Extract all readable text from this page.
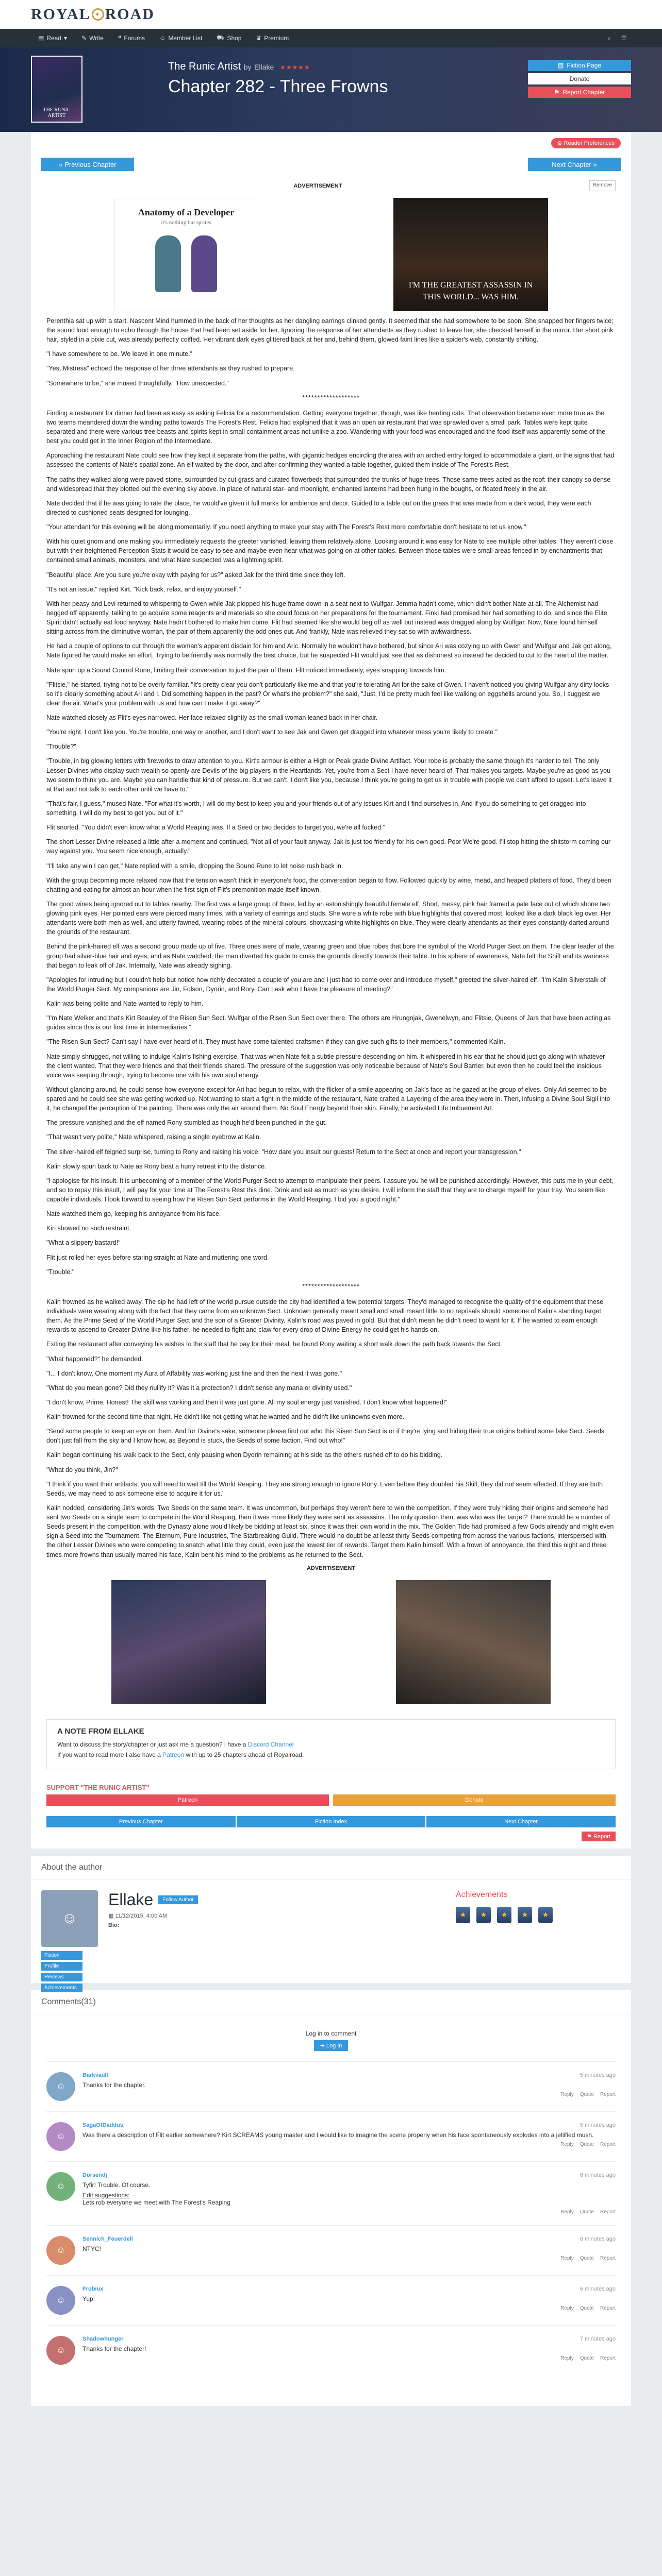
ROYAL ✦ ROAD
▤ Read ▾ ✎ Write ❝ Forums ☺ Member List ⛟ Shop ♛ Premium	⌕	☰
THE RUNIC ARTIST
The Runic Artist by Ellake ★★★★★
Chapter 282 - Three Frowns
▤ Fiction Page
Donate
⚑ Report Chapter
⚙ Reader Preferences
« Previous Chapter	Next Chapter »
Remove
ADVERTISEMENT
Anatomy of a Developer
it's nothing but sprites
I'M THE GREATEST ASSASSIN IN THIS WORLD... WAS HIM.

Perenthia sat up with a start. Nascent Mind hummed in the back of her thoughts as her dangling earrings clinked gently. It seemed that she had somewhere to be soon. She snapped her fingers twice; the sound loud enough to echo through the house that had been set aside for her. Ignoring the response of her attendants as they rushed to leave her, she checked herself in the mirror. Her short pink hair, styled in a pixie cut, was already perfectly coiffed. Her vibrant dark eyes glittered back at her and, behind them, glowed faint lines like a spider's web, constantly shifting.

"I have somewhere to be. We leave in one minute."

"Yes, Mistress" echoed the response of her three attendants as they rushed to prepare.

"Somewhere to be," she mused thoughtfully. "How unexpected."

*******************

Finding a restaurant for dinner had been as easy as asking Felicia for a recommendation. Getting everyone together, though, was like herding cats. That observation became even more true as the two teams meandered down the winding paths towards The Forest's Rest. Felicia had explained that it was an open air restaurant that was sprawled over a small park. Tables were kept quite separated and there were various tree beasts and spirits kept in small containment areas not unlike a zoo. Wandering with your food was encouraged and the food itself was apparently some of the best you could get in the Inner Region of the Intermediate.

Approaching the restaurant Nate could see how they kept it separate from the paths, with gigantic hedges encircling the area with an arched entry forged to accommodate a giant, or the signs that had assessed the contents of Nate's spatial zone. An elf waited by the door, and after confirming they wanted a table together, guided them inside of The Forest's Rest.

The paths they walked along were paved stone, surrounded by cut grass and curated flowerbeds that surrounded the trunks of huge trees. Those same trees acted as the roof: their canopy so dense and widespread that they blotted out the evening sky above. In place of natural star- and moonlight, enchanted lanterns had been hung in the boughs, or floated freely in the air.

Nate decided that if he was going to rate the place, he would've given it full marks for ambience and decor. Guided to a table out on the grass that was made from a dark wood, they were each directed to cushioned seats designed for lounging.

"Your attendant for this evening will be along momentarily. If you need anything to make your stay with The Forest's Rest more comfortable don't hesitate to let us know."

With his quiet gnom and one making you immediately requests the greeter vanished, leaving them relatively alone. Looking around it was easy for Nate to see multiple other tables. They weren't close but with their heightened Perception Stats it would be easy to see and maybe even hear what was going on at other tables. Between those tables were small areas fenced in by enchantments that contained small animals, monsters, and what Nate suspected was a lightning spirit.

"Beautiful place. Are you sure you're okay with paying for us?" asked Jak for the third time since they left.

"It's not an issue," replied Kirt. "Kick back, relax, and enjoy yourself."

With her peasy and Levi returned to whispering to Gwen while Jak plopped his huge frame down in a seat next to Wulfgar. Jemma hadn't come, which didn't bother Nate at all. The Alchemist had begged off apparently, talking to go acquire some reagents and materials so she could focus on her preparations for the tournament. Finki had promised her had something to do, and since the Elite Spirit didn't actually eat food anyway, Nate hadn't bothered to make him come. Flit had seemed like she would beg off as well but instead was dragged along by Wulfgar. Now, Nate found himself sitting across from the diminutive woman, the pair of them apparently the odd ones out. And frankly, Nate was relieved they sat so with awkwardness.

He had a couple of options to cut through the woman's apparent disdain for him and Aric. Normally he wouldn't have bothered, but since Ari was cozying up with Gwen and Wulfgar and Jak got along, Nate figured he would make an effort. Trying to be friendly was normally the best choice, but he suspected Flit would just see that as dishonest so instead he decided to cut to the heart of the matter.

Nate spun up a Sound Control Rune, limiting their conversation to just the pair of them. Flit noticed immediately, eyes snapping towards him.

"Flitsie," he started, trying not to be overly familiar. "It's pretty clear you don't particularly like me and that you're tolerating Ari for the sake of Gwen. I haven't noticed you giving Wulfgar any dirty looks so it's clearly something about Ari and I. Did something happen in the past? Or what's the problem?" she said, "Just, I'd be pretty much feel like walking on eggshells around you. So, I suggest we clear the air. What's your problem with us and how can I make it go away?"

Nate watched closely as Flit's eyes narrowed. Her face relaxed slightly as the small woman leaned back in her chair.

"You're right. I don't like you. You're trouble, one way or another, and I don't want to see Jak and Gwen get dragged into whatever mess you're likely to create."

"Trouble?"

"Trouble, in big glowing letters with fireworks to draw attention to you. Kirt's armour is either a High or Peak grade Divine Artifact. Your robe is probably the same though it's harder to tell. The only Lesser Divines who display such wealth so openly are Devils of the big players in the Heartlands. Yet, you're from a Sect I have never heard of. That makes you targets. Maybe you're as good as you two seem to think you are. Maybe you can handle that kind of pressure. But we can't. I don't like you, because I think you're going to get us in trouble with people we can't afford to upset. Let's leave it at that and not talk to each other until we have to."

"That's fair, I guess," mused Nate. "For what it's worth, I will do my best to keep you and your friends out of any issues Kirt and I find ourselves in. And if you do something to get dragged into something, I will do my best to get you out of it."

Flit snorted. "You didn't even know what a World Reaping was. If a Seed or two decides to target you, we're all fucked."

The short Lesser Divine released a little after a moment and continued, "Not all of your fault anyway. Jak is just too friendly for his own good. Poor We're good. I'll stop hitting the shitstorm coming our way against you. You seem nice enough, actually."

"I'll take any win I can get," Nate replied with a smile, dropping the Sound Rune to let noise rush back in.

With the group becoming more relaxed now that the tension wasn't thick in everyone's food, the conversation began to flow. Followed quickly by wine, mead, and heaped platters of food. They'd been chatting and eating for almost an hour when the first sign of Flit's premonition made itself known.

The good wines being ignored out to tables nearby. The first was a large group of three, led by an astonishingly beautiful female elf. Short, messy, pink hair framed a pale face out of which shone two glowing pink eyes. Her pointed ears were pierced many times, with a variety of earrings and studs. She wore a white robe with blue highlights that covered most, looked like a dark black leg over. Her attendants were both men as well, and utterly fawned, wearing robes of the mineral colours, showcasing white highlights on blue. They were clearly attendants as their eyes constantly darted around the grounds of the restaurant.

Behind the pink-haired elf was a second group made up of five. Three ones were of male, wearing green and blue robes that bore the symbol of the World Purger Sect on them. The clear leader of the group had silver-blue hair and eyes, and as Nate watched, the man diverted his guide to cross the grounds directly towards their table. In his sphere of awareness, Nate felt the Shift and its wariness that began to leak off of Jak. Internally, Nate was already sighing.

"Apologies for intruding but I couldn't help but notice how richly decorated a couple of you are and I just had to come over and introduce myself," greeted the silver-haired elf. "I'm Kalin Silverstalk of the World Purger Sect. My companions are Jin, Folson, Dyorin, and Rory. Can I ask who I have the pleasure of meeting?"

Kalin was being polite and Nate wanted to reply to him.

"I'm Nate Welker and that's Kirt Beauley of the Risen Sun Sect. Wulfgar of the Risen Sun Sect over there. The others are Hrungnjak, Gwenelwyn, and Flitsie, Queens of Jars that have been acting as guides since this is our first time in Intermediaries."

"The Risen Sun Sect? Can't say I have ever heard of it. They must have some talented craftsmen if they can give such gifts to their members," commented Kalin.

Nate simply shrugged, not willing to indulge Kalin's fishing exercise. That was when Nate felt a subtle pressure descending on him. It whispered in his ear that he should just go along with whatever the client wanted. That they were friends and that their friends shared. The pressure of the suggestion was only noticeable because of Nate's Soul Barrier, but even then he could feel the insidious voice was seeping through, trying to become one with his own soul energy.

Without glancing around, he could sense how everyone except for Ari had begun to relax, with the flicker of a smile appearing on Jak's face as he gazed at the group of elves. Only Ari seemed to be spared and he could see she was getting worked up. Not wanting to start a fight in the middle of the restaurant, Nate crafted a Layering of the area they were in. Then, infusing a Divine Soul Sigil into it, he changed the perception of the painting. There was only the air around them. No Soul Energy beyond their skin. Finally, he activated Life Imbuement Art.

The pressure vanished and the elf named Rony stumbled as though he'd been punched in the gut.

"That wasn't very polite," Nate whispered, raising a single eyebrow at Kalin.

The silver-haired elf feigned surprise, turning to Rony and raising his voice. "How dare you insult our guests! Return to the Sect at once and report your transgression."

Kalin slowly spun back to Nate as Rony beat a hurry retreat into the distance.

"I apologise for his insult. It is unbecoming of a member of the World Purger Sect to attempt to manipulate their peers. I assure you he will be punished accordingly. However, this puts me in your debt, and so to repay this insult, I will pay for your time at The Forest's Rest this dine. Drink and eat as much as you desire. I will inform the staff that they are to charge myself for your tray. You seem like capable individuals. I look forward to seeing how the Risen Sun Sect performs in the World Reaping. I bid you a good night."

Nate watched them go, keeping his annoyance from his face.

Kiri showed no such restraint.

"What a slippery bastard!"

Flit just rolled her eyes before staring straight at Nate and muttering one word.

"Trouble."

*******************

Kalin frowned as he walked away. The sip he had left of the world pursue outside the city had identified a few potential targets. They'd managed to recognise the quality of the equipment that these individuals were wearing along with the fact that they came from an unknown Sect. Unknown generally meant small and small meant little to no reprisals should someone of Kalin's standing target them. As the Prime Seed of the World Purger Sect and the son of a Greater Divinity, Kalin's road was paved in gold. But that didn't mean he didn't need to want for it. If he wanted to earn enough rewards to ascend to Greater Divine like his father, he needed to fight and claw for every drop of Divine Energy he could get his hands on.

Exiting the restaurant after conveying his wishes to the staff that he pay for their meal, he found Rony waiting a short walk down the path back towards the Sect.

"What happened?" he demanded.

"I... I don't know, One moment my Aura of Affability was working just fine and then the next it was gone."

"What do you mean gone? Did they nullify it? Was it a protection? I didn't sense any mana or divinity used."

"I don't know, Prime. Honest! The skill was working and then it was just gone. All my soul energy just vanished. I don't know what happened!"

Kalin frowned for the second time that night. He didn't like not getting what he wanted and he didn't like unknowns even more.

"Send some people to keep an eye on them. And for Divine's sake, someone please find out who this Risen Sun Sect is or if they're lying and hiding their true origins behind some fake Sect. Seeds don't just fall from the sky and I know how, as Beyond is stuck, the Seeds of some faction. Find out who!"

Kalin began continuing his walk back to the Sect, only pausing when Dyorin remaining at his side as the others rushed off to do his bidding.

"What do you think, Jin?"

"I think if you want their artifacts, you will need to wait till the World Reaping. They are strong enough to ignore Rony. Even before they doubled his Skill, they did not seem affected. If they are both Seeds, we may need to ask someone else to acquire it for us."

Kalin nodded, considering Jin's words. Two Seeds on the same team. It was uncommon, but perhaps they weren't here to win the competition. If they were truly hiding their origins and someone had sent two Seeds on a single team to compete in the World Reaping, then it was more likely they were sent as assassins. The only question then, was who was the target? There would be a number of Seeds present in the competition, with the Dynasty alone would likely be bidding at least six, since it was their own world in the mix. The Golden Tide had promised a few Gods already and might even sign a Seed into the Tournament. The Eternum, Pure Industries, The Starbreaking Guild. There would no doubt be at least thirty Seeds competing from across the various factions, interspersed with the other Lesser Divines who were competing to snatch what little they could, even just the lowest tier of rewards. Target them Kalin himself. With a frown of annoyance, the third this night and three times more frowns than usually marred his face, Kalin bent his mind to the problems as he returned to the Sect.

ADVERTISEMENT
A NOTE FROM ELLAKE
Want to discuss the story/chapter or just ask me a question? I have a Discord Channel
If you want to read more I also have a Patreon with up to 25 chapters ahead of Royalroad.
SUPPORT "THE RUNIC ARTIST"
Patreon	Donate
Previous Chapter	Fiction Index	Next Chapter
⚑ Report
About the author
☺
Fiction
Profile
Reviews
Achievements
Ellake	Follow Author
▦ 11/12/2015, 4:00 AM
Bio:
Achievements
★	★	★	★	★
Comments(31)
Log in to comment
➜ Log In
☺
Barkvault	5 minutes ago
Thanks for the chapter.
Reply Quote Report
☺
SagaOfDaddus	5 minutes ago
Was there a description of Flit earlier somewhere? Kirt SCREAMS young master and I would like to imagine the scene properly when his face spontaneously explodes into a jellified mush.
Reply Quote Report
☺
Dorsendj	6 minutes ago
Tyfir! Trouble. Of course.
Edit suggestions:
Lets rob everyone we meet with The Forest's Reaping
Reply Quote Report
☺
Sennich_Feuerdell	6 minutes ago
NTYC!
Reply Quote Report
☺
Frobiux	6 minutes ago
Yup!
Reply Quote Report
☺
Shadowhunger	7 minutes ago
Thanks for the chapter!
Reply Quote Report
